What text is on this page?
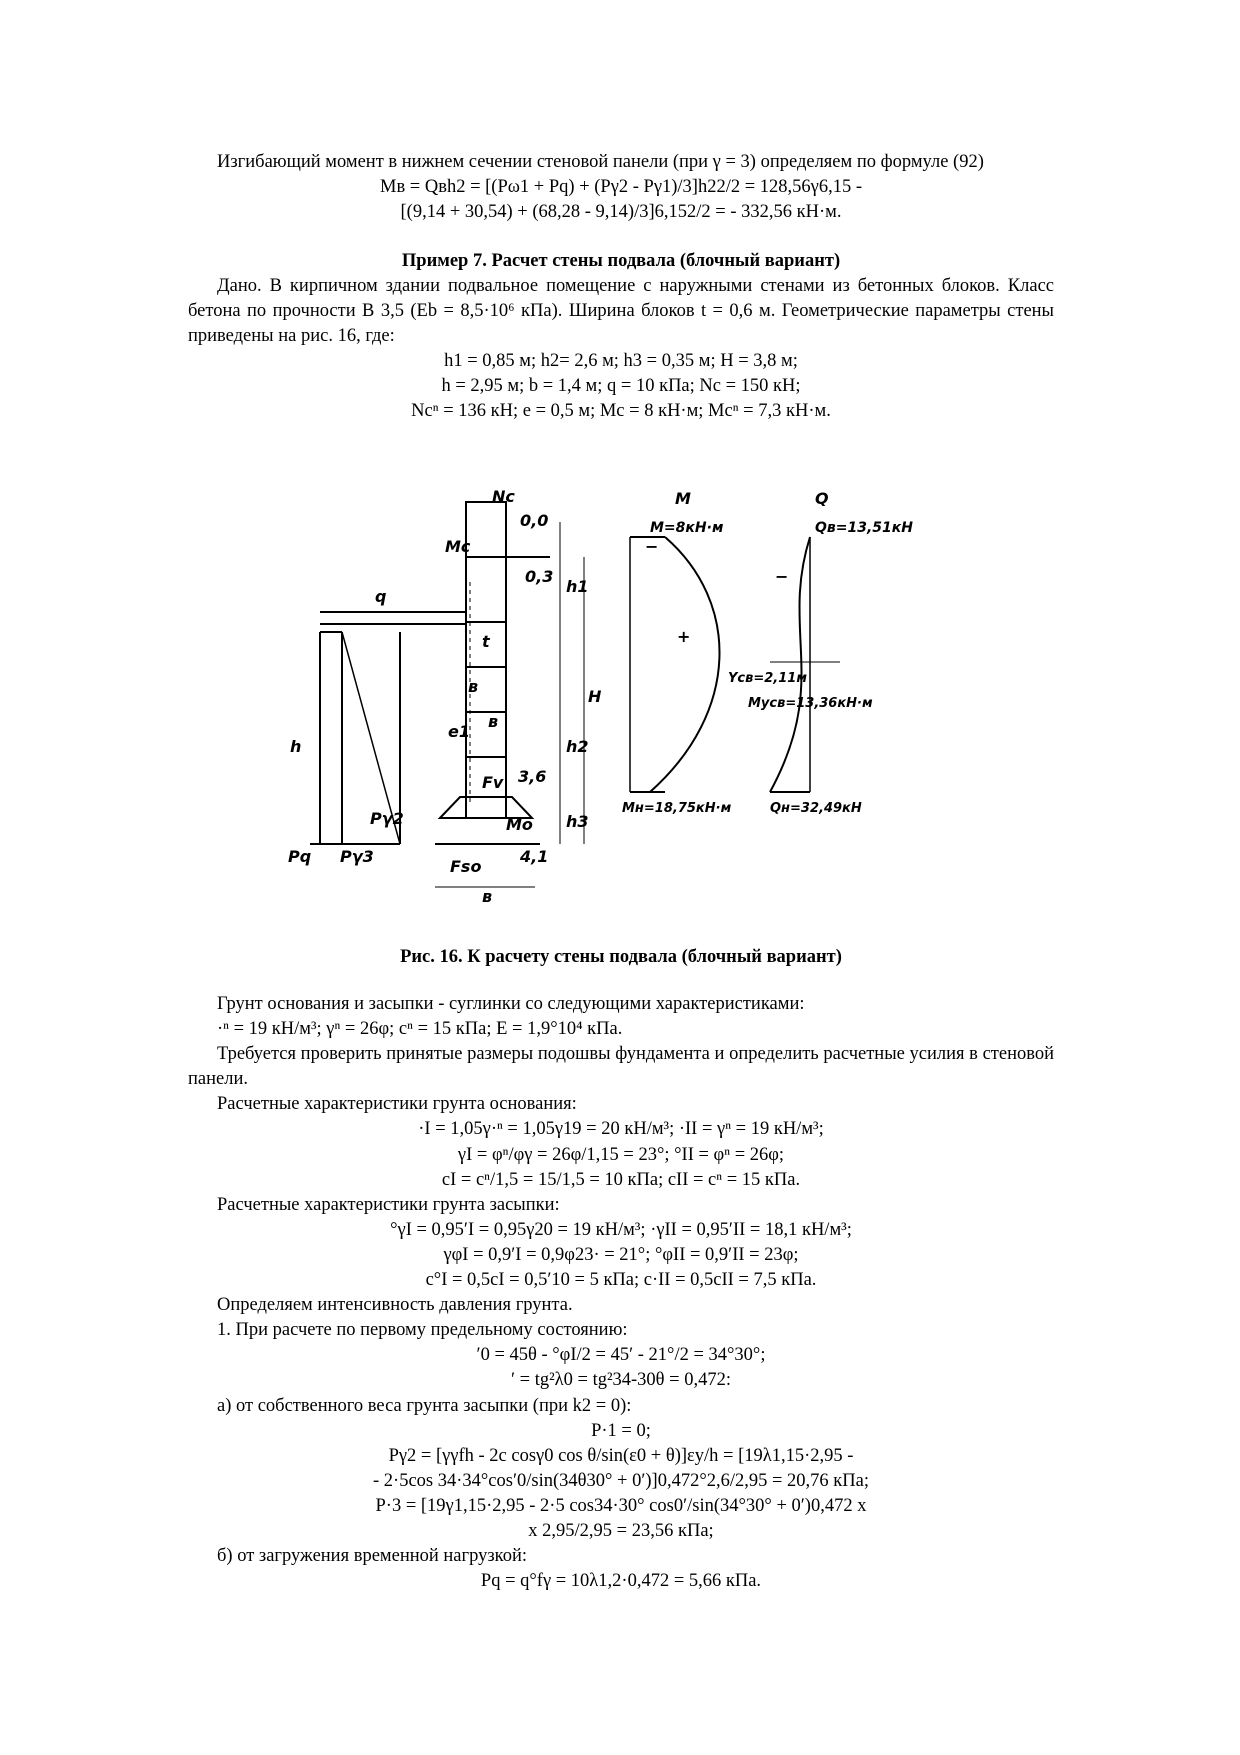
Изгибающий момент в нижнем сечении стеновой панели (при γ = 3) определяем по формуле (92)

Mв = Qвh2 = [(Pω1 + Pq) + (Pγ2 - Pγ1)/3]h22/2 = 128,56γ6,15 -

[(9,14 + 30,54) + (68,28 - 9,14)/3]6,152/2 = - 332,56 кН·м.

Пример 7. Расчет стены подвала (блочный вариант)

Дано. В кирпичном здании подвальное помещение с наружными стенами из бетонных блоков. Класс бетона по прочности В 3,5 (Eb = 8,5·10⁶ кПа). Ширина блоков t = 0,6 м. Геометрические параметры стены приведены на рис. 16, где:

h1 = 0,85 м; h2= 2,6 м; h3 = 0,35 м; H = 3,8 м;

h = 2,95 м; b = 1,4 м; q = 10 кПа; Nc = 150 кН;

Ncⁿ = 136 кН; e = 0,5 м; Mc = 8 кН·м; Mcⁿ = 7,3 кН·м.

Nc
0,0
Mc
0,3
q
h1
h2
h3
H
h
t
в
в
e1
3,6
Fv
Mo
4,1
Fso
в
Pγ2
Pq Pγ3
M	Q
M=8кН·м	Qв=13,51кН
Yсв=2,11м
Mусв=13,36кН·м
Mн=18,75кН·м	Qн=32,49кН
−
+
−
Рис. 16. К расчету стены подвала (блочный вариант)

Грунт основания и засыпки - суглинки со следующими характеристиками:

·ⁿ = 19 кН/м³; γⁿ = 26φ; cⁿ = 15 кПа; E = 1,9°10⁴ кПа.

Требуется проверить принятые размеры подошвы фундамента и определить расчетные усилия в стеновой панели.

Расчетные характеристики грунта основания:

·I = 1,05γ·ⁿ = 1,05γ19 = 20 кН/м³; ·II = γⁿ = 19 кН/м³;

γI = φⁿ/φγ = 26φ/1,15 = 23°; °II = φⁿ = 26φ;

cI = cⁿ/1,5 = 15/1,5 = 10 кПа; cII = cⁿ = 15 кПа.

Расчетные характеристики грунта засыпки:

°γI = 0,95′I = 0,95γ20 = 19 кН/м³; ·γII = 0,95′II = 18,1 кН/м³;

γφI = 0,9′I = 0,9φ23· = 21°; °φII = 0,9′II = 23φ;

c°I = 0,5cI = 0,5′10 = 5 кПа; c·II = 0,5cII = 7,5 кПа.

Определяем интенсивность давления грунта.

1. При расчете по первому предельному состоянию:

′0 = 45θ - °φI/2 = 45′ - 21°/2 = 34°30°;

′ = tg²λ0 = tg²34-30θ = 0,472:

а) от собственного веса грунта засыпки (при k2 = 0):

P·1 = 0;

Pγ2 = [γγfh - 2c cosγ0 cos θ/sin(ε0 + θ)]εy/h = [19λ1,15·2,95 -

- 2·5cos 34·34°cos′0/sin(34θ30° + 0′)]0,472°2,6/2,95 = 20,76 кПа;

P·3 = [19γ1,15·2,95 - 2·5 cos34·30° cos0′/sin(34°30° + 0′)0,472 x

x 2,95/2,95 = 23,56 кПа;

б) от загружения временной нагрузкой:

Pq = q°fγ = 10λ1,2·0,472 = 5,66 кПа.
